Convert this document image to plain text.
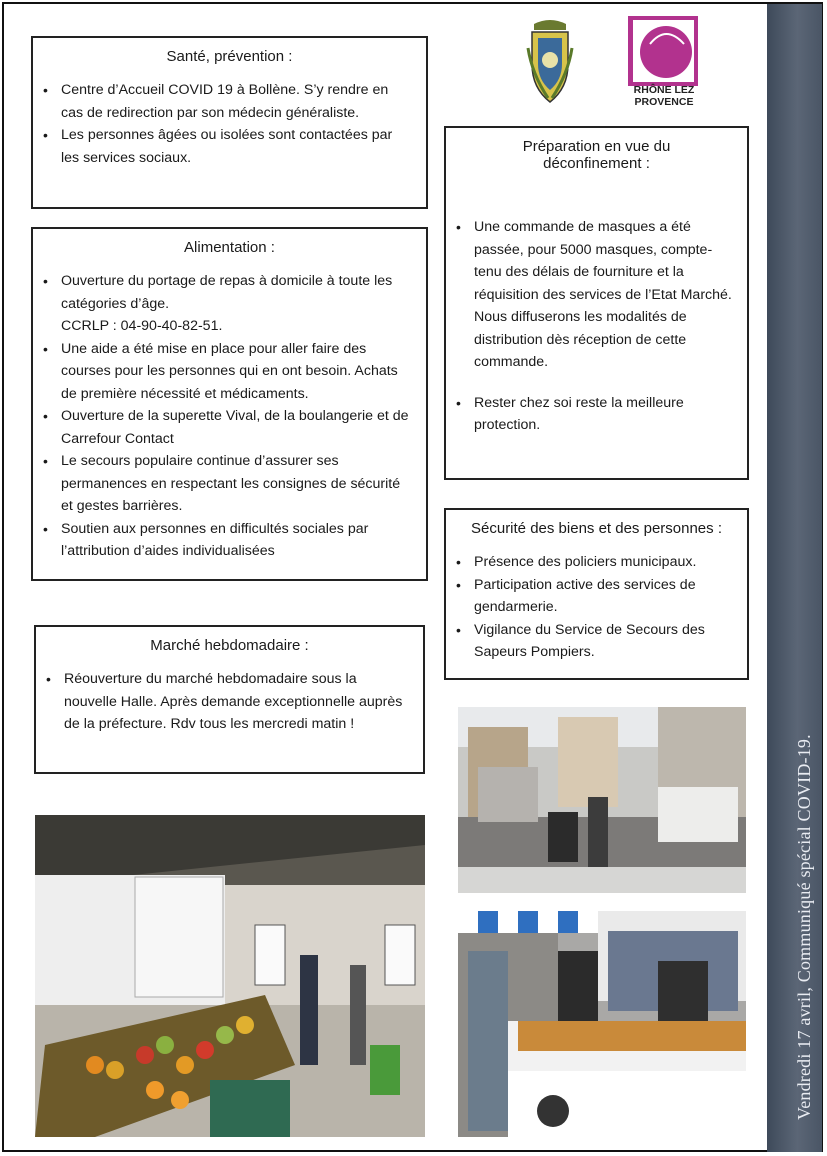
Vendredi 17 avril, Communiqué spécial COVID-19.
RHÔNE LEZ
PROVENCE
Santé, prévention :
• Centre d’Accueil COVID 19 à Bollène. S’y rendre en cas de redirection par son médecin généraliste.
• Les personnes âgées ou isolées sont contactées par les services sociaux.
Alimentation :
• Ouverture du portage de repas à domicile à toute les catégories d’âge.
CCRLP : 04-90-40-82-51.
• Une aide a été mise en place pour aller faire des courses pour les personnes qui en ont besoin. Achats de première nécessité et médicaments.
• Ouverture de la superette Vival, de la boulangerie et de Carrefour Contact
• Le secours populaire continue d’assurer ses permanences en respectant les consignes de sécurité et gestes barrières.
• Soutien aux personnes en difficultés sociales par l’attribution d’aides individualisées
Marché hebdomadaire :
• Réouverture du marché hebdomadaire sous la nouvelle Halle. Après demande exceptionnelle auprès de la préfecture. Rdv tous les mercredi matin !
Préparation en vue du
déconfinement :
• Une commande de masques a été passée, pour 5000 masques, compte-tenu des délais de fourniture et la réquisition des services de l’Etat Marché. Nous diffuserons les modalités de distribution dès réception de cette commande.
• Rester chez soi reste la meilleure protection.
Sécurité des biens et des personnes :
• Présence des policiers municipaux.
• Participation active des services de gendarmerie.
• Vigilance du Service de Secours des Sapeurs Pompiers.
